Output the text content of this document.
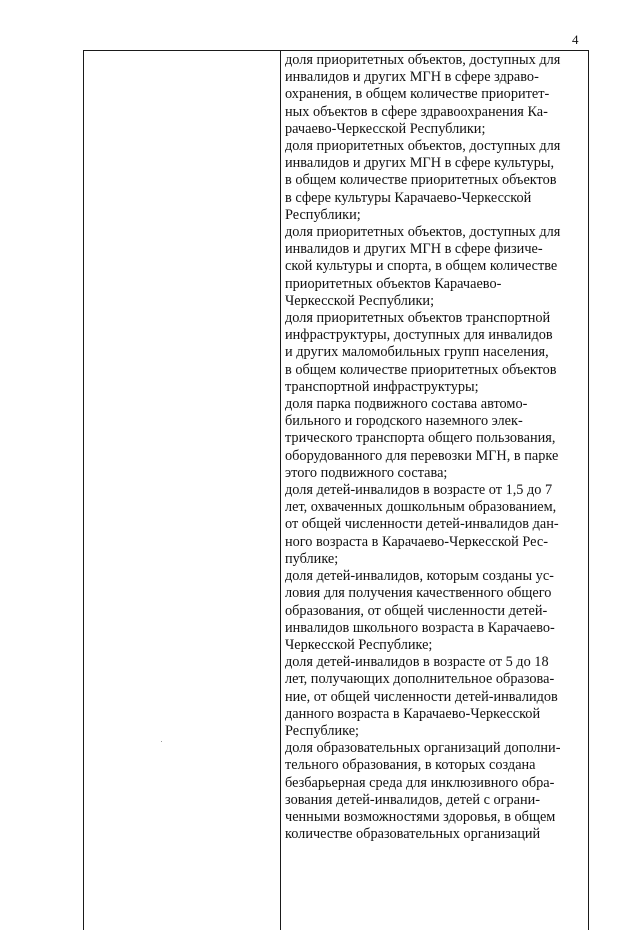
4
доля приоритетных объектов, доступных для
инвалидов и других МГН в сфере здраво-
охранения, в общем количестве приоритет-
ных объектов в сфере здравоохранения Ка-
рачаево-Черкесской Республики;
доля приоритетных объектов, доступных для
инвалидов и других МГН в сфере культуры,
в общем количестве приоритетных объектов
в сфере культуры Карачаево-Черкесской
Республики;
доля приоритетных объектов, доступных для
инвалидов и других МГН в сфере физиче-
ской культуры и спорта, в общем количестве
приоритетных объектов Карачаево-
Черкесской Республики;
доля приоритетных объектов транспортной
инфраструктуры, доступных для инвалидов
и других маломобильных групп населения,
в общем количестве приоритетных объектов
транспортной инфраструктуры;
доля парка подвижного состава автомо-
бильного и городского наземного элек-
трического транспорта общего пользования,
оборудованного для перевозки МГН, в парке
этого подвижного состава;
доля детей-инвалидов в возрасте от 1,5 до 7
лет, охваченных дошкольным образованием,
от общей численности детей-инвалидов дан-
ного возраста в Карачаево-Черкесской Рес-
публике;
доля детей-инвалидов, которым созданы ус-
ловия для получения качественного общего
образования, от общей численности детей-
инвалидов школьного возраста в Карачаево-
Черкесской Республике;
доля детей-инвалидов в возрасте от 5 до 18
лет, получающих дополнительное образова-
ние, от общей численности детей-инвалидов
данного возраста в Карачаево-Черкесской
Республике;
доля образовательных организаций дополни-
тельного образования, в которых создана
безбарьерная среда для инклюзивного обра-
зования детей-инвалидов, детей с ограни-
ченными возможностями здоровья, в общем
количестве образовательных организаций
